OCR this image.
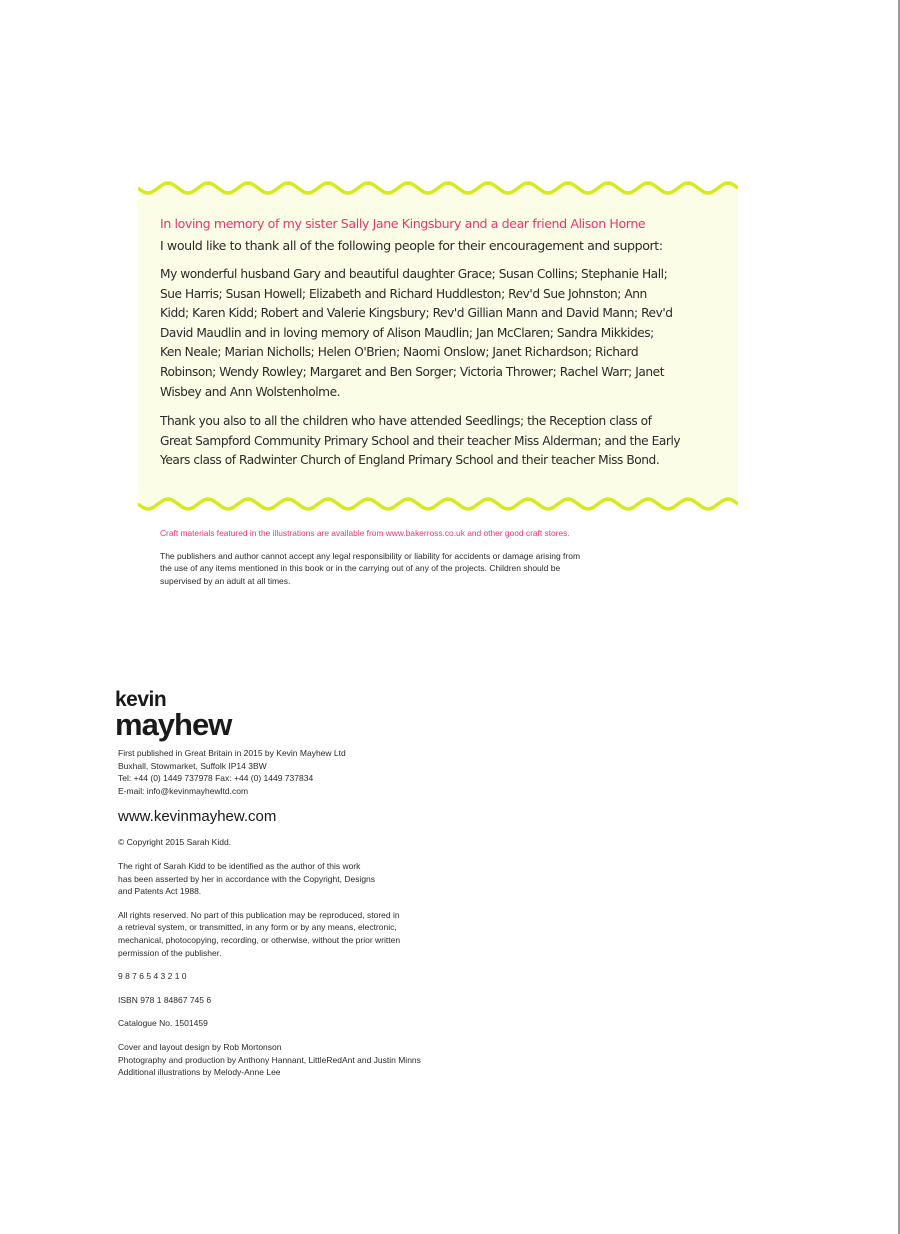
In loving memory of my sister Sally Jane Kingsbury and a dear friend Alison Horne
I would like to thank all of the following people for their encouragement and support:
My wonderful husband Gary and beautiful daughter Grace; Susan Collins; Stephanie Hall;
Sue Harris; Susan Howell; Elizabeth and Richard Huddleston; Rev'd Sue Johnston; Ann
Kidd; Karen Kidd; Robert and Valerie Kingsbury; Rev'd Gillian Mann and David Mann; Rev'd
David Maudlin and in loving memory of Alison Maudlin; Jan McClaren; Sandra Mikkides;
Ken Neale; Marian Nicholls; Helen O'Brien; Naomi Onslow; Janet Richardson; Richard
Robinson; Wendy Rowley; Margaret and Ben Sorger; Victoria Thrower; Rachel Warr; Janet
Wisbey and Ann Wolstenholme.
Thank you also to all the children who have attended Seedlings; the Reception class of
Great Sampford Community Primary School and their teacher Miss Alderman; and the Early
Years class of Radwinter Church of England Primary School and their teacher Miss Bond.
Craft materials featured in the illustrations are available from www.bakerross.co.uk and other good craft stores.
The publishers and author cannot accept any legal responsibility or liability for accidents or damage arising from
the use of any items mentioned in this book or in the carrying out of any of the projects. Children should be
supervised by an adult at all times.
kevin
mayhew
First published in Great Britain in 2015 by Kevin Mayhew Ltd
Buxhall, Stowmarket, Suffolk IP14 3BW
Tel: +44 (0) 1449 737978 Fax: +44 (0) 1449 737834
E-mail: info@kevinmayhewltd.com
www.kevinmayhew.com
© Copyright 2015 Sarah Kidd.
The right of Sarah Kidd to be identified as the author of this work
has been asserted by her in accordance with the Copyright, Designs
and Patents Act 1988.
All rights reserved. No part of this publication may be reproduced, stored in
a retrieval system, or transmitted, in any form or by any means, electronic,
mechanical, photocopying, recording, or otherwise, without the prior written
permission of the publisher.
9 8 7 6 5 4 3 2 1 0
ISBN 978 1 84867 745 6
Catalogue No. 1501459
Cover and layout design by Rob Mortonson
Photography and production by Anthony Hannant, LittleRedAnt and Justin Minns
Additional illustrations by Melody-Anne Lee
